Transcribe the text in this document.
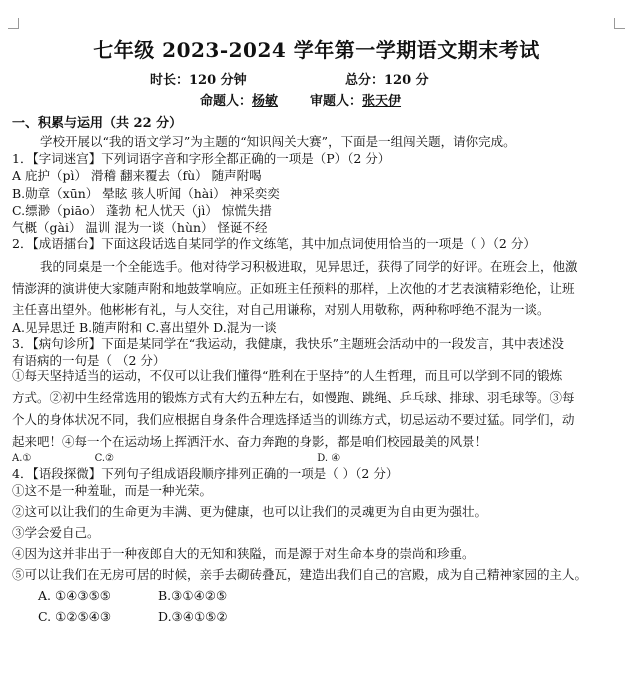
七年级 2023-2024 学年第一学期语文期末考试
时长：120 分钟	总分：120 分
命题人：杨敏 审题人：张天伊
一、积累与运用（共 22 分）
学校开展以“我的语文学习”为主题的“知识闯关大赛”，下面是一组闯关题，请你完成。
1．【字词迷宫】下列词语字音和字形全都正确的一项是（P）（2 分）
A 庇护（pì） 滑稽 翻来覆去（fù） 随声附喝
B.勋章（xūn） 晕眩 骇人听闻（hài） 神采奕奕
C.缥渺（piāo） 蓬勃 杞人忧天（jì） 惊慌失措
气概（gài） 温训 混为一谈（hùn） 怪诞不经
2．【成语擂台】下面这段话选自某同学的作文练笔，其中加点词使用恰当的一项是（ ）（2 分）
我的同桌是一个全能选手。他对待学习积极进取，见异思迁，获得了同学的好评。在班会上，他激
情澎湃的演讲使大家随声附和地鼓掌响应。正如班主任预料的那样，上次他的才艺表演精彩绝伦，让班
主任喜出望外。他彬彬有礼，与人交往，对自己用谦称，对别人用敬称，两种称呼绝不混为一谈。
A.见异思迁 B.随声附和 C.喜出望外 D.混为一谈
3．【病句诊所】下面是某同学在“我运动，我健康，我快乐”主题班会活动中的一段发言，其中表述没
有语病的一句是（ （2 分）
①每天坚持适当的运动，不仅可以让我们懂得“胜利在于坚持”的人生哲理，而且可以学到不同的锻炼
方式。②初中生经常选用的锻炼方式有大约五种左右，如慢跑、跳绳、乒乓球、排球、羽毛球等。③每
个人的身体状况不同，我们应根据自身条件合理选择适当的训练方式，切忌运动不要过猛。同学们，动
起来吧！④每一个在运动场上挥洒汗水、奋力奔跑的身影，都是咱们校园最美的风景！
A.①	C.②	D. ④
4．【语段探微】下列句子组成语段顺序排列正确的一项是（ ）（2 分）
①这不是一种羞耻，而是一种光荣。
②这可以让我们的生命更为丰满、更为健康，也可以让我们的灵魂更为自由更为强壮。
③学会爱自己。
④因为这并非出于一种夜郎自大的无知和狭隘，而是源于对生命本身的崇尚和珍重。
⑤可以让我们在无房可居的时候，亲手去砌砖叠瓦，建造出我们自己的宫殿，成为自己精神家园的主人。
A. ①④③⑤⑤	B.③①④②⑤
C. ①②⑤④③	D.③④①⑤②
